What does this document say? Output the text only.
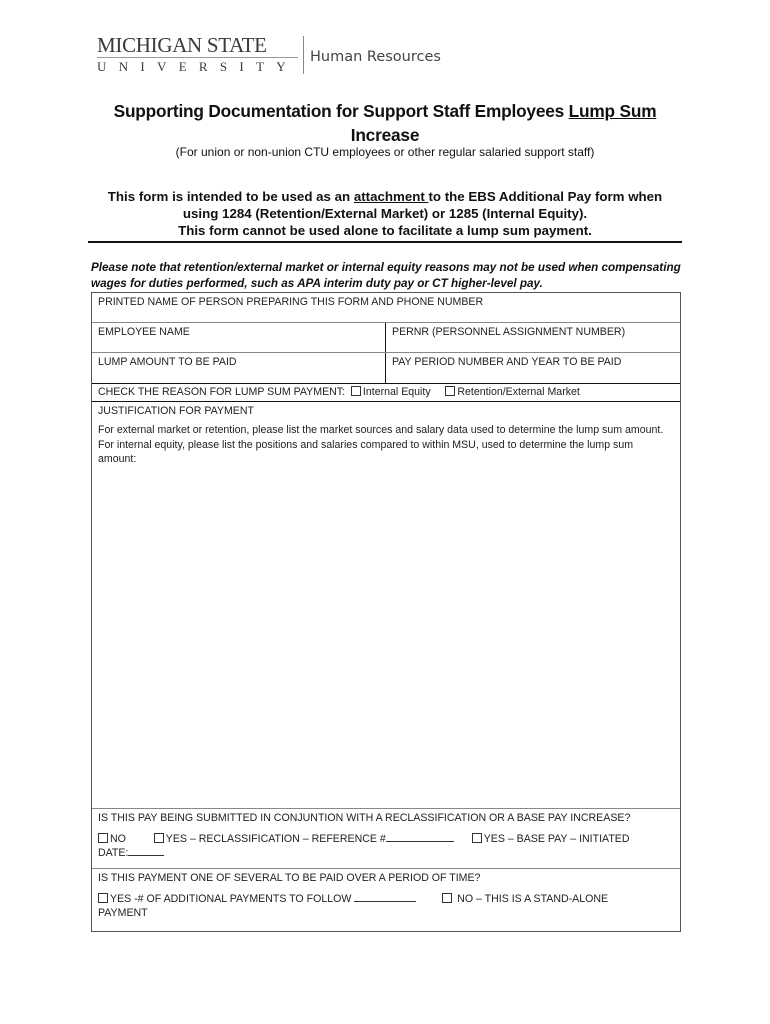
MICHIGAN STATE
UNIVERSITY
Human Resources
Supporting Documentation for Support Staff Employees Lump Sum
Increase
(For union or non-union CTU employees or other regular salaried support staff)
This form is intended to be used as an attachment to the EBS Additional Pay form when
using 1284 (Retention/External Market) or 1285 (Internal Equity).
This form cannot be used alone to facilitate a lump sum payment.
Please note that retention/external market or internal equity reasons may not be used when compensating wages for duties performed, such as APA interim duty pay or CT higher-level pay.
PRINTED NAME OF PERSON PREPARING THIS FORM AND PHONE NUMBER
EMPLOYEE NAME	PERNR (PERSONNEL ASSIGNMENT NUMBER)
LUMP AMOUNT TO BE PAID	PAY PERIOD NUMBER AND YEAR TO BE PAID
CHECK THE REASON FOR LUMP SUM PAYMENT: Internal Equity	Retention/External Market
JUSTIFICATION FOR PAYMENT
For external market or retention, please list the market sources and salary data used to determine the lump sum amount. For internal equity, please list the positions and salaries compared to within MSU, used to determine the lump sum amount:
IS THIS PAY BEING SUBMITTED IN CONJUNTION WITH A RECLASSIFICATION OR A BASE PAY INCREASE?
NO	YES – RECLASSIFICATION – REFERENCE #	YES – BASE PAY – INITIATED
DATE:
IS THIS PAYMENT ONE OF SEVERAL TO BE PAID OVER A PERIOD OF TIME?
YES -# OF ADDITIONAL PAYMENTS TO FOLLOW	NO – THIS IS A STAND-ALONE
PAYMENT
